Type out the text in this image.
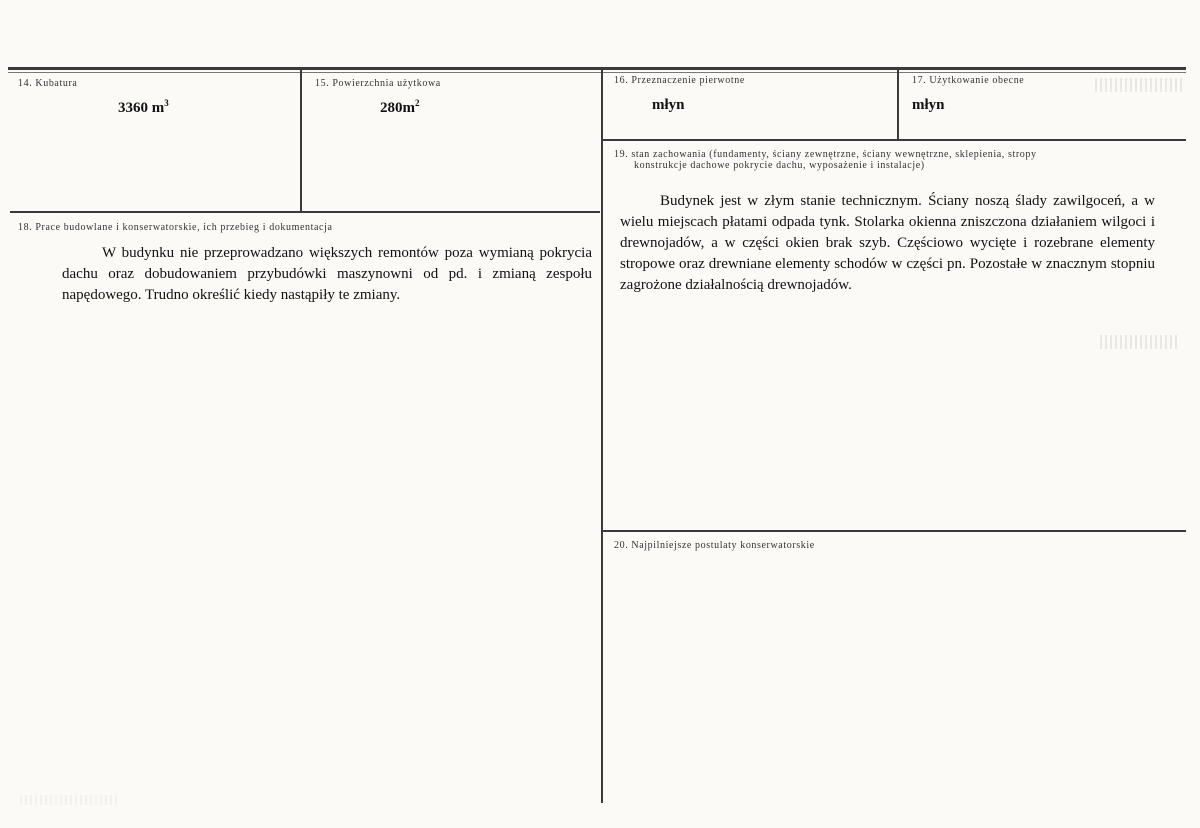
14. Kubatura
3360 $m^3$
15. Powierzchnia użytkowa
$280m^2$
16. Przeznaczenie pierwotne
młyn
17. Użytkowanie obecne
młyn
18. Prace budowlane i konserwatorskie, ich przebieg i dokumentacja
W budynku nie przeprowadzano większych remontów poza wymianą pokrycia dachu oraz dobudowaniem przybudówki maszynowni od pd. i zmianą zespołu napędowego. Trudno określić kiedy nastąpiły te zmiany.
19. stan zachowania (fundamenty, ściany zewnętrzne, ściany wewnętrzne, sklepienia, stropy
konstrukcje dachowe pokrycie dachu, wyposażenie i instalacje)
Budynek jest w złym stanie technicznym. Ściany noszą ślady zawilgoceń, a w wielu miejscach płatami odpada tynk. Stolarka okienna zniszczona działaniem wilgoci i drewnojadów, a w części okien brak szyb. Częściowo wycięte i rozebrane elementy stropowe oraz drewniane elementy schodów w części pn. Pozostałe w znacznym stopniu zagrożone działalnością drewnojadów.
20. Najpilniejsze postulaty konserwatorskie
